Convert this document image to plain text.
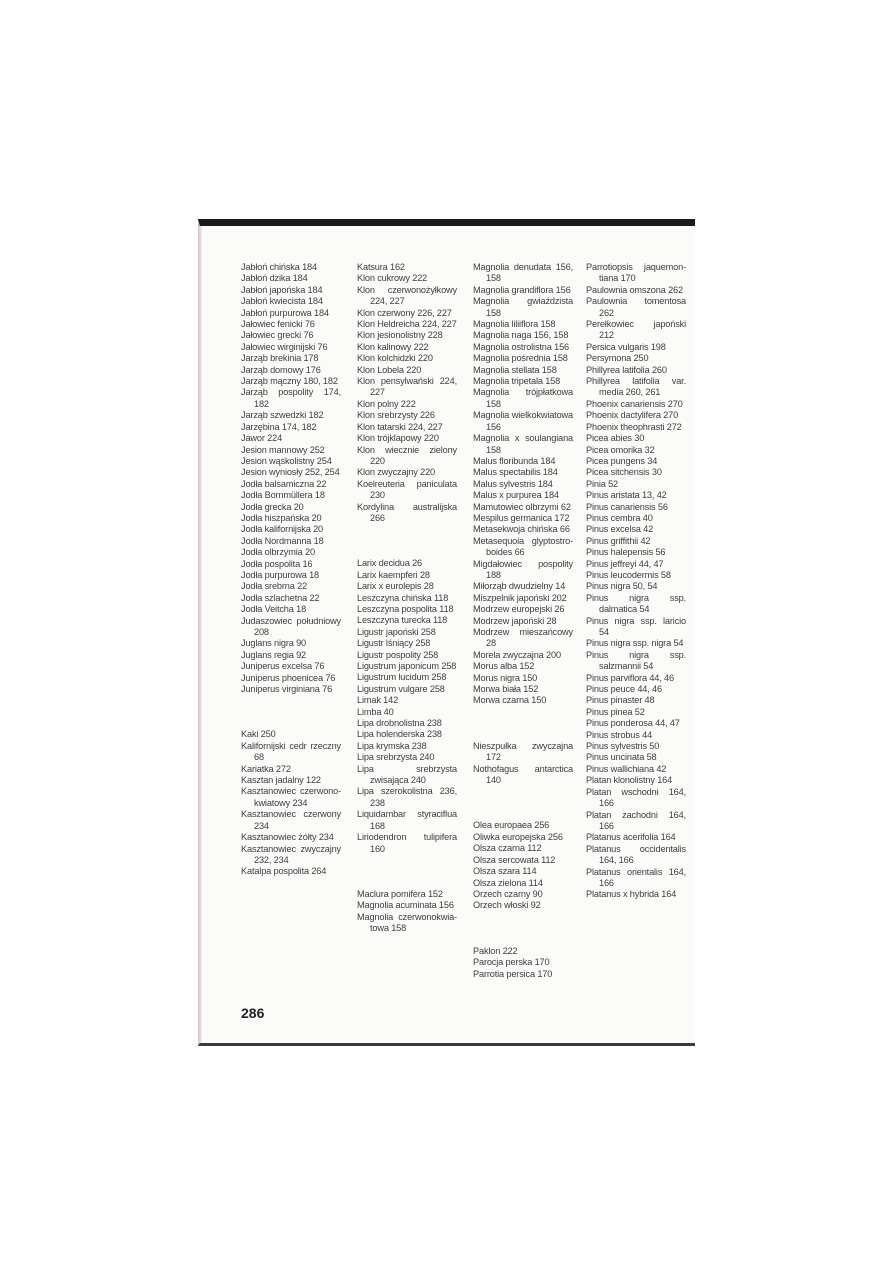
Jabłoń chińska 184

Jabłoń dzika 184

Jabłoń japońska 184

Jabłoń kwiecista 184

Jabłoń purpurowa 184

Jałowiec fenicki 76

Jałowiec grecki 76

Jałowiec wirginijski 76

Jarząb brekinia 178

Jarząb domowy 176

Jarząb mączny 180, 182

Jarząb pospolity 174, 182

Jarząb szwedzki 182

Jarzębina 174, 182

Jawor 224

Jesion mannowy 252

Jesion wąskolistny 254

Jesion wyniosły 252, 254

Jodła balsamiczna 22

Jodła Bornmüllera 18

Jodła grecka 20

Jodła hiszpańska 20

Jodła kalifornijska 20

Jodła Nordmanna 18

Jodła olbrzymia 20

Jodła pospolita 16

Jodła purpurowa 18

Jodła srebrna 22

Jodła szlachetna 22

Jodła Veitcha 18

Judaszowiec południowy 208

Juglans nigra 90

Juglans regia 92

Juniperus excelsa 76

Juniperus phoenicea 76

Juniperus virginiana 76

Kaki 250

Kalifornijski cedr rzeczny 68

Kariatka 272

Kasztan jadalny 122

Kasztanowiec czerwono-kwiatowy 234

Kasztanowiec czerwony 234

Kasztanowiec żółty 234

Kasztanowiec zwyczajny 232, 234

Katalpa pospolita 264

Katsura 162

Klon cukrowy 222

Klon czerwonożyłkowy 224, 227

Klon czerwony 226, 227

Klon Heldreicha 224, 227

Klon jesionolistny 228

Klon kalinowy 222

Klon kolchidzki 220

Klon Lobela 220

Klon pensylwański 224, 227

Klon polny 222

Klon srebrzysty 226

Klon tatarski 224, 227

Klon trójklapowy 220

Klon wiecznie zielony 220

Klon zwyczajny 220

Koelreuteria paniculata 230

Kordylina australijska 266

Larix decidua 26

Larix kaempferi 28

Larix x eurolepis 28

Leszczyna chińska 118

Leszczyna pospolita 118

Leszczyna turecka 118

Ligustr japoński 258

Ligustr lśniący 258

Ligustr pospolity 258

Ligustrum japonicum 258

Ligustrum lucidum 258

Ligustrum vulgare 258

Limak 142

Limba 40

Lipa drobnolistna 238

Lipa holenderska 238

Lipa krymska 238

Lipa srebrzysta 240

Lipa srebrzysta zwisająca 240

Lipa szerokolistna 236, 238

Liquidambar styraciflua 168

Liriodendron tulipifera 160

Maclura pomifera 152

Magnolia acuminata 156

Magnolia czerwonokwia-towa 158

Magnolia denudata 156, 158

Magnolia grandiflora 156

Magnolia gwiaździsta 158

Magnolia liliiflora 158

Magnolia naga 156, 158

Magnolia ostrolistna 156

Magnolia pośrednia 158

Magnolia stellata 158

Magnolia tripetala 158

Magnolia trójpłatkowa 158

Magnolia wielkokwiatowa 156

Magnolia x soulangiana 158

Malus floribunda 184

Malus spectabilis 184

Malus sylvestris 184

Malus x purpurea 184

Mamutowiec olbrzymi 62

Mespilus germanica 172

Metasekwoja chińska 66

Metasequoia glyptostro-boides 66

Migdałowiec pospolity 188

Miłorząb dwudzielny 14

Miszpelnik japoński 202

Modrzew europejski 26

Modrzew japoński 28

Modrzew mieszańcowy 28

Morela zwyczajna 200

Morus alba 152

Morus nigra 150

Morwa biała 152

Morwa czarna 150

Nieszpułka zwyczajna 172

Nothofagus antarctica 140

Olea europaea 256

Oliwka europejska 256

Olsza czarna 112

Olsza sercowata 112

Olsza szara 114

Olsza zielona 114

Orzech czarny 90

Orzech włoski 92

Paklon 222

Parocja perska 170

Parrotia persica 170

Parrotiopsis jaquemon-tiana 170

Paulownia omszona 262

Paulownia tomentosa 262

Perełkowiec japoński 212

Persica vulgaris 198

Persymona 250

Phillyrea latifolia 260

Phillyrea latifolia var. media 260, 261

Phoenix canariensis 270

Phoenix dactylifera 270

Phoenix theophrasti 272

Picea abies 30

Picea omorika 32

Picea pungens 34

Picea sitchensis 30

Pinia 52

Pinus aristata 13, 42

Pinus canariensis 56

Pinus cembra 40

Pinus excelsa 42

Pinus griffithii 42

Pinus halepensis 56

Pinus jeffreyi 44, 47

Pinus leucodermis 58

Pinus nigra 50, 54

Pinus nigra ssp. dalmatica 54

Pinus nigra ssp. laricio 54

Pinus nigra ssp. nigra 54

Pinus nigra ssp. salzmannii 54

Pinus parviflora 44, 46

Pinus peuce 44, 46

Pinus pinaster 48

Pinus pinea 52

Pinus ponderosa 44, 47

Pinus strobus 44

Pinus sylvestris 50

Pinus uncinata 58

Pinus wallichiana 42

Platan klonolistny 164

Platan wschodni 164, 166

Platan zachodni 164, 166

Platanus acerifolia 164

Platanus occidentalis 164, 166

Platanus orientalis 164, 166

Platanus x hybrida 164

286
